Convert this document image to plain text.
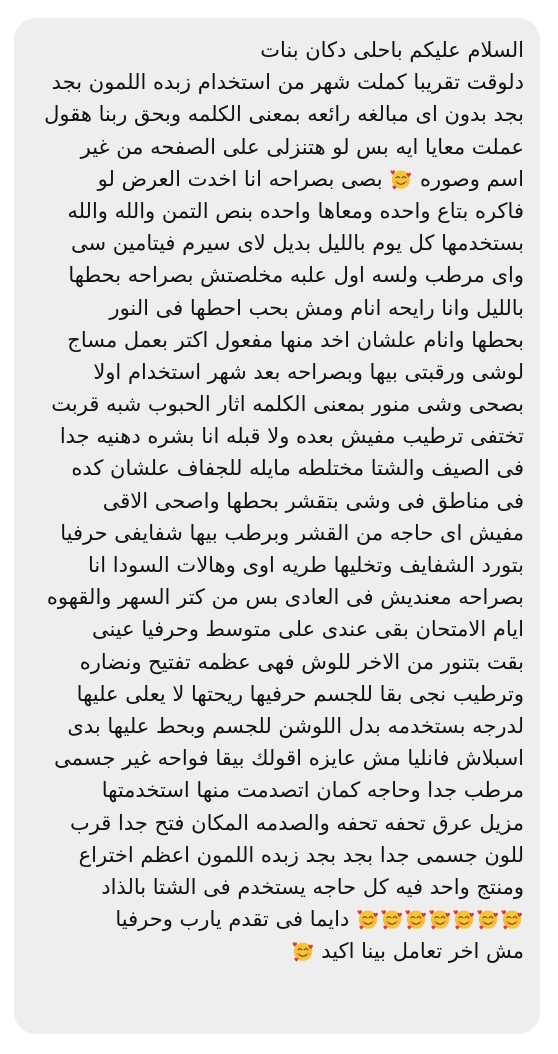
السلام عليكم باحلى دكان بنات
دلوقت تقريبا كملت شهر من استخدام زبده اللمون بجد
بجد بدون اى مبالغه رائعه بمعنى الكلمه وبحق ربنا هقول
عملت معايا ايه بس لو هتنزلى على الصفحه من غير
اسم وصوره
بصى بصراحه انا اخدت العرض لو
فاكره بتاع واحده ومعاها واحده بنص التمن والله والله
بستخدمها كل يوم بالليل بديل لاى سيرم فيتامين سى
واى مرطب ولسه اول علبه مخلصتش بصراحه بحطها
بالليل وانا رايحه انام ومش بحب احطها فى النور
بحطها وانام علشان اخد منها مفعول اكتر بعمل مساج
لوشى ورقبتى بيها وبصراحه بعد شهر استخدام اولا
بصحى وشى منور بمعنى الكلمه اثار الحبوب شبه قربت
تختفى ترطيب مفيش بعده ولا قبله انا بشره دهنيه جدا
فى الصيف والشتا مختلطه مايله للجفاف علشان كده
فى مناطق فى وشى بتقشر بحطها واصحى الاقى
مفيش اى حاجه من القشر وبرطب بيها شفايفى حرفيا
بتورد الشفايف وتخليها طريه اوى وهالات السودا انا
بصراحه معنديش فى العادى بس من كتر السهر والقهوه
ايام الامتحان بقى عندى على متوسط وحرفيا عينى
بقت بتنور من الاخر للوش فهى عظمه تفتيح ونضاره
وترطيب نجى بقا للجسم حرفيها ريحتها لا يعلى عليها
لدرجه بستخدمه بدل اللوشن للجسم وبحط عليها بدى
اسبلاش فانليا مش عايزه اقولك بيقا فواحه غير جسمى
مرطب جدا وحاجه كمان اتصدمت منها استخدمتها
مزيل عرق تحفه تحفه والصدمه المكان فتح جدا قرب
للون جسمى جدا بجد بجد زبده اللمون اعظم اختراع
ومنتج واحد فيه كل حاجه يستخدم فى الشتا بالذاد
دايما فى تقدم يارب وحرفيا
مش اخر تعامل بينا اكيد
